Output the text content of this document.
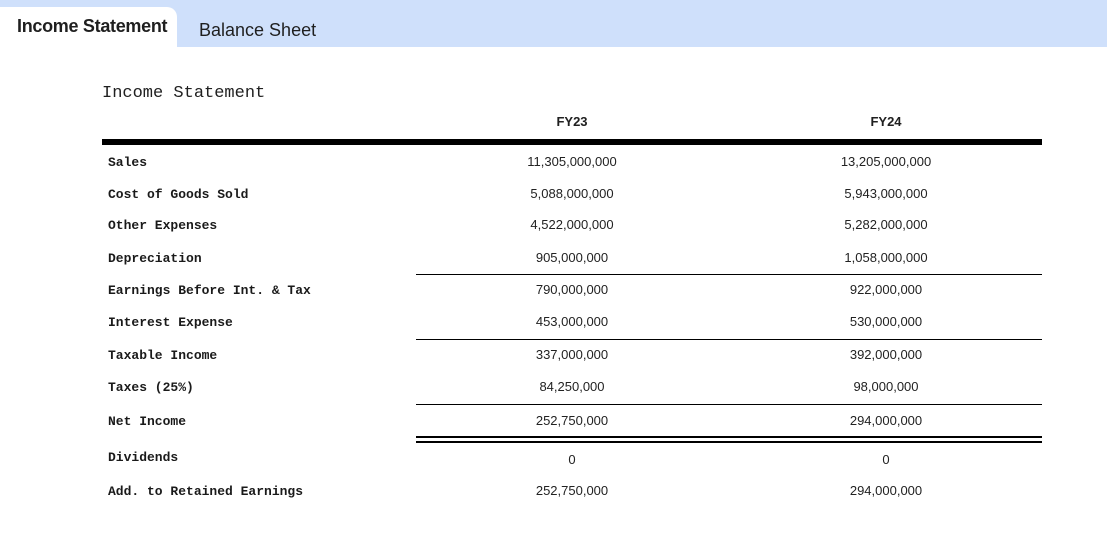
Income Statement	Balance Sheet
Income Statement
FY23	FY24
Sales	11,305,000,000	13,205,000,000
Cost of Goods Sold	5,088,000,000	5,943,000,000
Other Expenses	4,522,000,000	5,282,000,000
Depreciation	905,000,000	1,058,000,000
Earnings Before Int. & Tax	790,000,000	922,000,000
Interest Expense	453,000,000	530,000,000
Taxable Income	337,000,000	392,000,000
Taxes (25%)	84,250,000	98,000,000
Net Income	252,750,000	294,000,000
Dividends	0	0
Add. to Retained Earnings	252,750,000	294,000,000
